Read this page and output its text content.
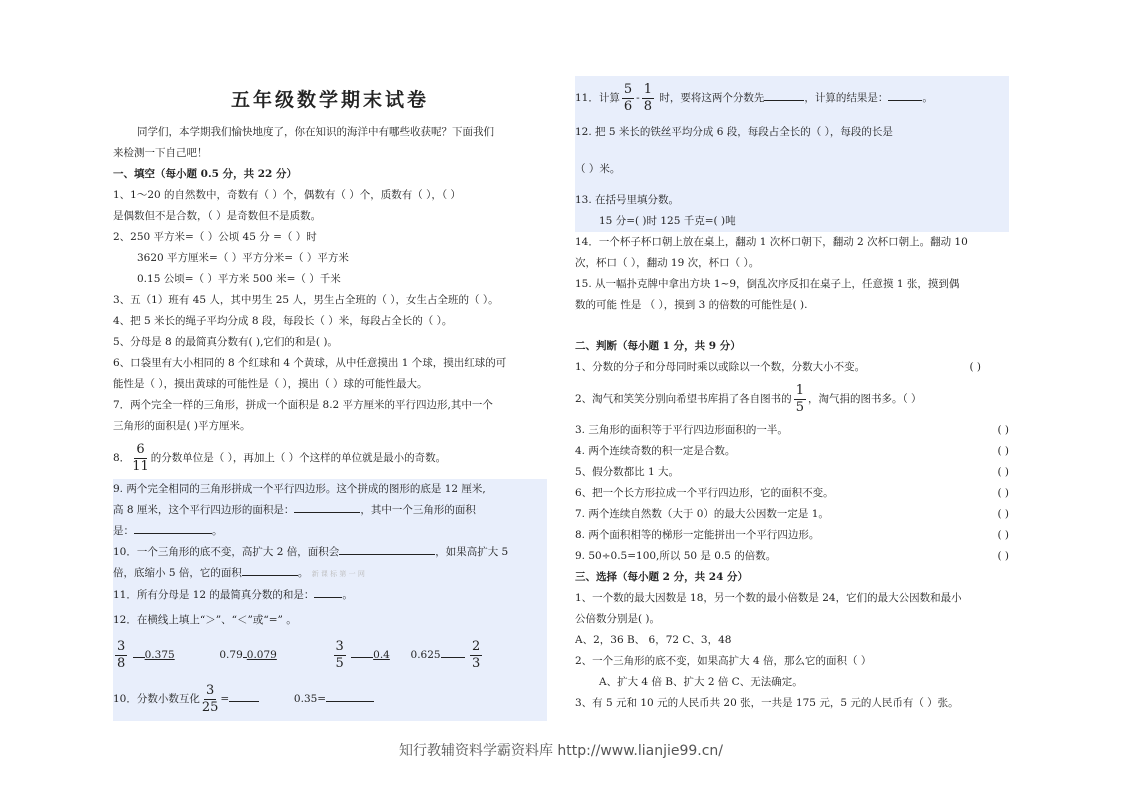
五年级数学期末试卷
同学们，本学期我们愉快地度了，你在知识的海洋中有哪些收获呢？下面我们
来检测一下自己吧！
一、填空（每小题 0.5 分，共 22 分）
1、1～20 的自然数中，奇数有（ ）个，偶数有（ ）个，质数有（ ），（ ）
是偶数但不是合数，（ ）是奇数但不是质数。
2、250 平方米=（ ）公顷 45 分 =（ ）时
3620 平方厘米=（ ）平方分米=（ ）平方米
0.15 公顷=（ ）平方米 500 米=（ ）千米
3、五（1）班有 45 人，其中男生 25 人，男生占全班的（ ），女生占全班的（ ）。
4、把 5 米长的绳子平均分成 8 段，每段长（ ）米，每段占全长的（ ）。
5、分母是 8 的最简真分数有( ),它们的和是( )。
6、口袋里有大小相同的 8 个红球和 4 个黄球，从中任意摸出 1 个球，摸出红球的可
能性是（ ），摸出黄球的可能性是（ ），摸出（ ）球的可能性最大。
7．两个完全一样的三角形，拼成一个面积是 8.2 平方厘米的平行四边形,其中一个
三角形的面积是( )平方厘米。
8． $\frac{6}{11}$ 的分数单位是（ ），再加上（ ）个这样的单位就是最小的奇数。
9. 两个完全相同的三角形拼成一个平行四边形。这个拼成的图形的底是 12 厘米,
高 8 厘米，这个平行四边形的面积是：	，其中一个三角形的面积
是：	。
10．一个三角形的底不变，高扩大 2 倍，面积会	，如果高扩大 5
倍，底缩小 5 倍，它的面积	。 新 课 标 第 一 网
11．所有分母是 12 的最简真分数的和是：	。
12．在横线上填上“＞”、“＜”或“=” 。
$\frac{3}{8} 0.375$	0.79 0.079	$\frac{3}{5}$	0.4 $0.625 \frac{2}{3}$
10．分数小数互化 $\frac{3}{25}$ =	0.35=
11．计算 $\frac{5}{6} - \frac{1}{8}$ 时，要将这两个分数先	，计算的结果是：	。
12. 把 5 米长的铁丝平均分成 6 段，每段占全长的（ ），每段的长是
（ ）米。
13. 在括号里填分数。
15 分=( )时 125 千克=( )吨
14．一个杯子杯口朝上放在桌上，翻动 1 次杯口朝下，翻动 2 次杯口朝上。翻动 10
次，杯口（ ），翻动 19 次，杯口（ ）。
15. 从一幅扑克牌中拿出方块 1~9，倒乱次序反扣在桌子上，任意摸 1 张，摸到偶
数的可能 性是 （ ），摸到 3 的倍数的可能性是( ).
二、判断（每小题 1 分，共 9 分）
1、分数的分子和分母同时乘以或除以一个数，分数大小不变。	( )
2、淘气和笑笑分别向希望书库捐了各自图书的 $\frac{1}{5}$ ，淘气捐的图书多。（ ）
3. 三角形的面积等于平行四边形面积的一半。	( )
4. 两个连续奇数的积一定是合数。	( )
5、假分数都比 1 大。	( )
6、把一个长方形拉成一个平行四边形，它的面积不变。	( )
7. 两个连续自然数（大于 0）的最大公因数一定是 1。	( )
8. 两个面积相等的梯形一定能拼出一个平行四边形。	( )
9. 50÷0.5=100,所以 50 是 0.5 的倍数。	( )
三、选择（每小题 2 分，共 24 分）
1、一个数的最大因数是 18，另一个数的最小倍数是 24，它们的最大公因数和最小
公倍数分别是( )。
A、2，36 B、 6，72 C、3，48
2、一个三角形的底不变，如果高扩大 4 倍，那么它的面积（ ）
A、扩大 4 倍 B、扩大 2 倍 C、无法确定。
3、有 5 元和 10 元的人民币共 20 张，一共是 175 元，5 元的人民币有（ ）张。
知行教辅资料学霸资料库 http://www.lianjie99.cn/
